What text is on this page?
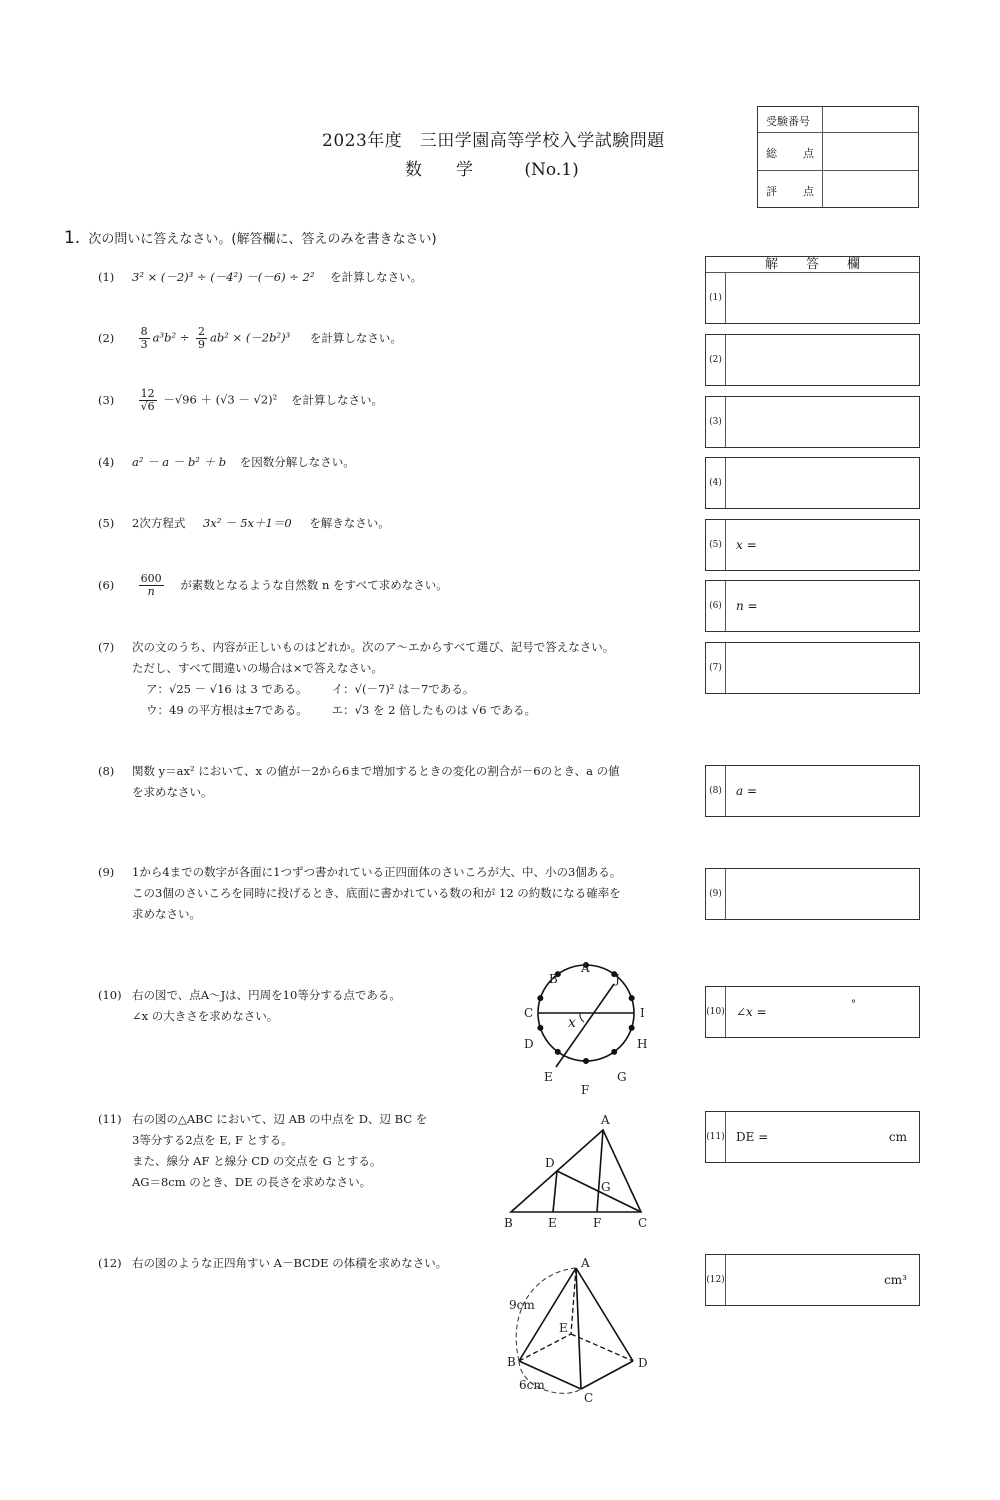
2023年度　三田学園高等学校入学試験問題
数　　学	(No.1)
受験番号
総 点
評 点
1. 次の問いに答えなさい。(解答欄に、答えのみを書きなさい)
(1) 3² × (－2)³ ÷ (－4²) －(－6) ÷ 2² を計算しなさい。
$(2) \frac{8}{3} a^3b^2 \div \frac{2}{9} ab^2 \times (-2b^2)^3$ を計算しなさい。
$(3) \frac{12}{√6} -√96 + (√3 - √2)^2$ を計算しなさい。
(4) a² － a － b² ＋ b を因数分解しなさい。
(5) 2次方程式 3x² － 5x＋1＝0 を解きなさい。
$(6) \frac{600}{n}$ が素数となるような自然数 n をすべて求めなさい。
(7) 次の文のうち、内容が正しいものはどれか。次のア～エからすべて選び、記号で答えなさい。
ただし、すべて間違いの場合は×で答えなさい。
ア：√25 － √16 は 3 である。 イ：√(－7)² は－7である。
ウ：49 の平方根は±7である。 エ：√3 を 2 倍したものは √6 である。
(8) 関数 y＝ax² において、x の値が－2から6まで増加するときの変化の割合が－6のとき、a の値
を求めなさい。
(9) 1から4までの数字が各面に1つずつ書かれている正四面体のさいころが大、中、小の3個ある。
この3個のさいころを同時に投げるとき、底面に書かれている数の和が 12 の約数になる確率を
求めなさい。
(10) 右の図で、点A～Jは、円周を10等分する点である。
∠x の大きさを求めなさい。
(11) 右の図の△ABC において、辺 AB の中点を D、辺 BC を
3等分する2点を E, F とする。
また、線分 AF と線分 CD の交点を G とする。
AG＝8cm のとき、DE の長さを求めなさい。
(12) 右の図のような正四角すい A－BCDE の体積を求めなさい。
A
B
C
D
E
F
G
H
I
J
x
A
B	C
D
E	F
G
A
B
C
D
E
9cm
6cm
解答欄
(1)
(2)
(3)
(4)
(5)	x =
(6)	n =
(7)
(8)	a =
(9)
(10) ∠x =
°
(11) DE =	cm
(12)	cm³
